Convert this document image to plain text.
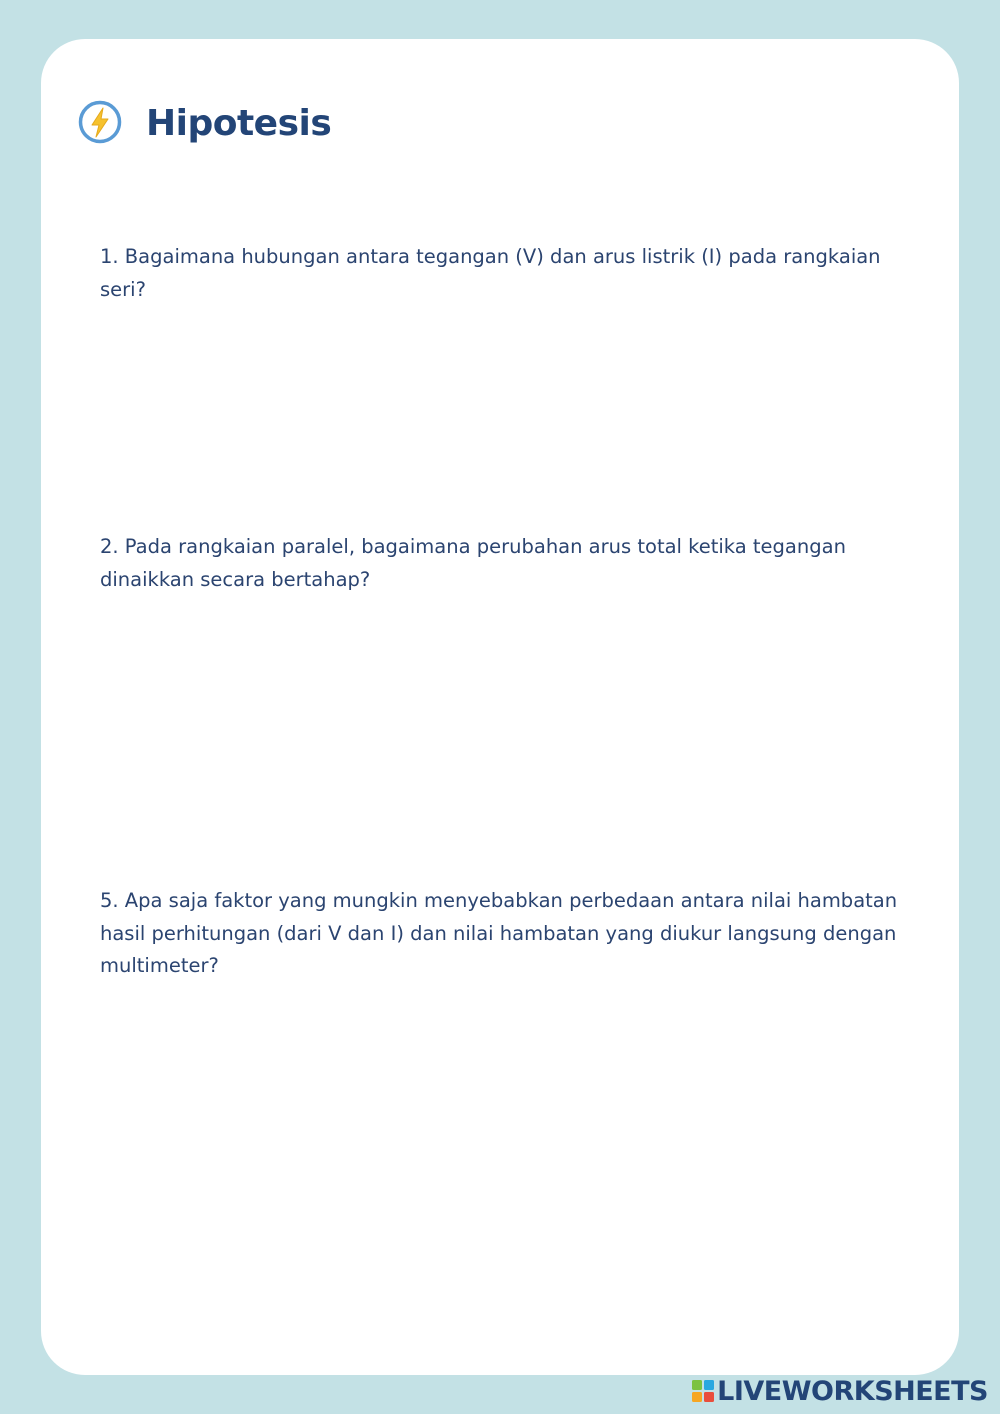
Hipotesis

1. Bagaimana hubungan antara tegangan (V) dan arus listrik (I) pada rangkaian seri?

2. Pada rangkaian paralel, bagaimana perubahan arus total ketika tegangan dinaikkan secara bertahap?

5. Apa saja faktor yang mungkin menyebabkan perbedaan antara nilai hambatan hasil perhitungan (dari V dan I) dan nilai hambatan yang diukur langsung dengan multimeter?

LIVEWORKSHEETS
